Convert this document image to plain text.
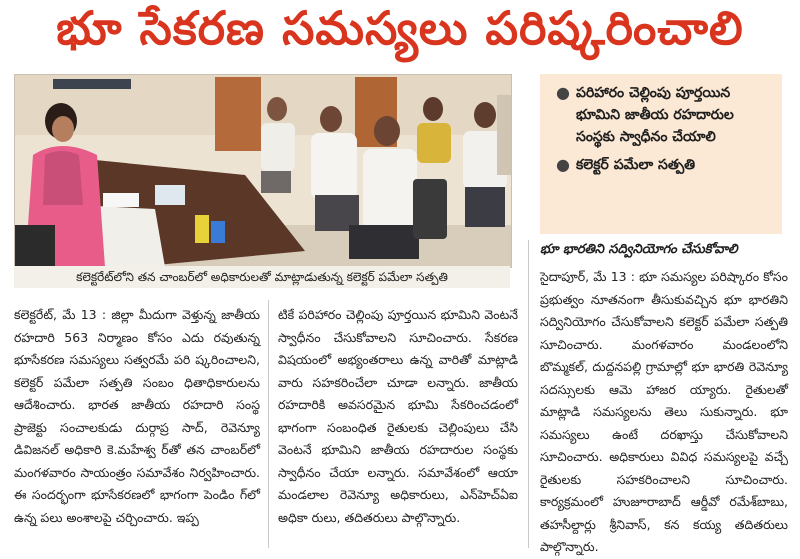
భూ సేకరణ సమస్యలు పరిష్కరించాలి
కలెక్టరేట్‌లోని తన చాంబర్‌లో అధికారులతో మాట్లాడుతున్న కలెక్టర్‌ పమేలా సత్పతి
● పరిహారం చెల్లింపు పూర్తయిన భూమిని జాతీయ రహదారుల సంస్థకు స్వాధీనం చేయాలి
● కలెక్టర్‌ పమేలా సత్పతి
భూ భారతిని సద్వినియోగం చేసుకోవాలి

కలెక్టరేట్‌, మే 13 : జిల్లా మీదుగా వెళ్తున్న జాతీయ రహదారి 563 నిర్మాణం కోసం ఎదు రవుతున్న భూసేకరణ సమస్యలు సత్వరమే పరి ష్కరించాలని, కలెక్టర్‌ పమేలా సత్పతి సంబం ధితాధికారులను ఆదేశించారు. భారత జాతీయ రహదారి సంస్థ ప్రాజెక్టు సంచాలకుడు దుర్గాప్ర సాద్‌, రెవెన్యూ డివిజనల్‌ అధికారి కె.మహేశ్వ ర్‌తో తన చాంబర్‌లో మంగళవారం సాయంత్రం సమావేశం నిర్వహించారు. ఈ సందర్భంగా భూసేకరణలో భాగంగా పెండిం గ్‌లో ఉన్న పలు అంశాలపై చర్చించారు. ఇప్ప

టికే పరిహారం చెల్లింపు పూర్తయిన భూమిని వెంటనే స్వాధీనం చేసుకోవాలని సూచించారు. సేకరణ విషయంలో అభ్యంతరాలు ఉన్న వారితో మాట్లాడి వారు సహకరించేలా చూడా లన్నారు. జాతీయ రహదారికి అవసరమైన భూమి సేకరించడంలో భాగంగా సంబంధిత రైతులకు చెల్లింపులు చేసి వెంటనే భూమిని జాతీయ రహదారుల సంస్థకు స్వాధీనం చేయా లన్నారు. సమావేశంలో ఆయా మండలాల రెవెన్యూ అధికారులు, ఎన్‌హెచ్‌ఏఐ అధికా రులు, తదితరులు పాల్గొన్నారు.

సైదాపూర్‌, మే 13 : భూ సమస్యల పరిష్కారం కోసం ప్రభుత్వం నూతనంగా తీసుకువచ్చిన భూ భారతిని సద్వినియోగం చేసుకోవాలని కలెక్టర్‌ పమేలా సత్పతి సూచించారు. మంగళవారం మండలంలోని బొమ్మకల్‌, దుద్దనపల్లి గ్రామాల్లో భూ భారతి రెవెన్యూ సదస్సులకు ఆమె హాజర య్యారు. రైతులతో మాట్లాడి సమస్యలను తెలు సుకున్నారు. భూ సమస్యలు ఉంటే దరఖాస్తు చేసుకోవాలని సూచించారు. అధికారులు వివిధ సమస్యలపై వచ్చే రైతులకు సహకరించాలని సూచించారు. కార్యక్రమంలో హుజూరాబాద్‌ ఆర్డీవో రమేశ్‌బాబు, తహసీల్దార్లు శ్రీనివాస్‌, కన కయ్య తదితరులు పాల్గొన్నారు.
